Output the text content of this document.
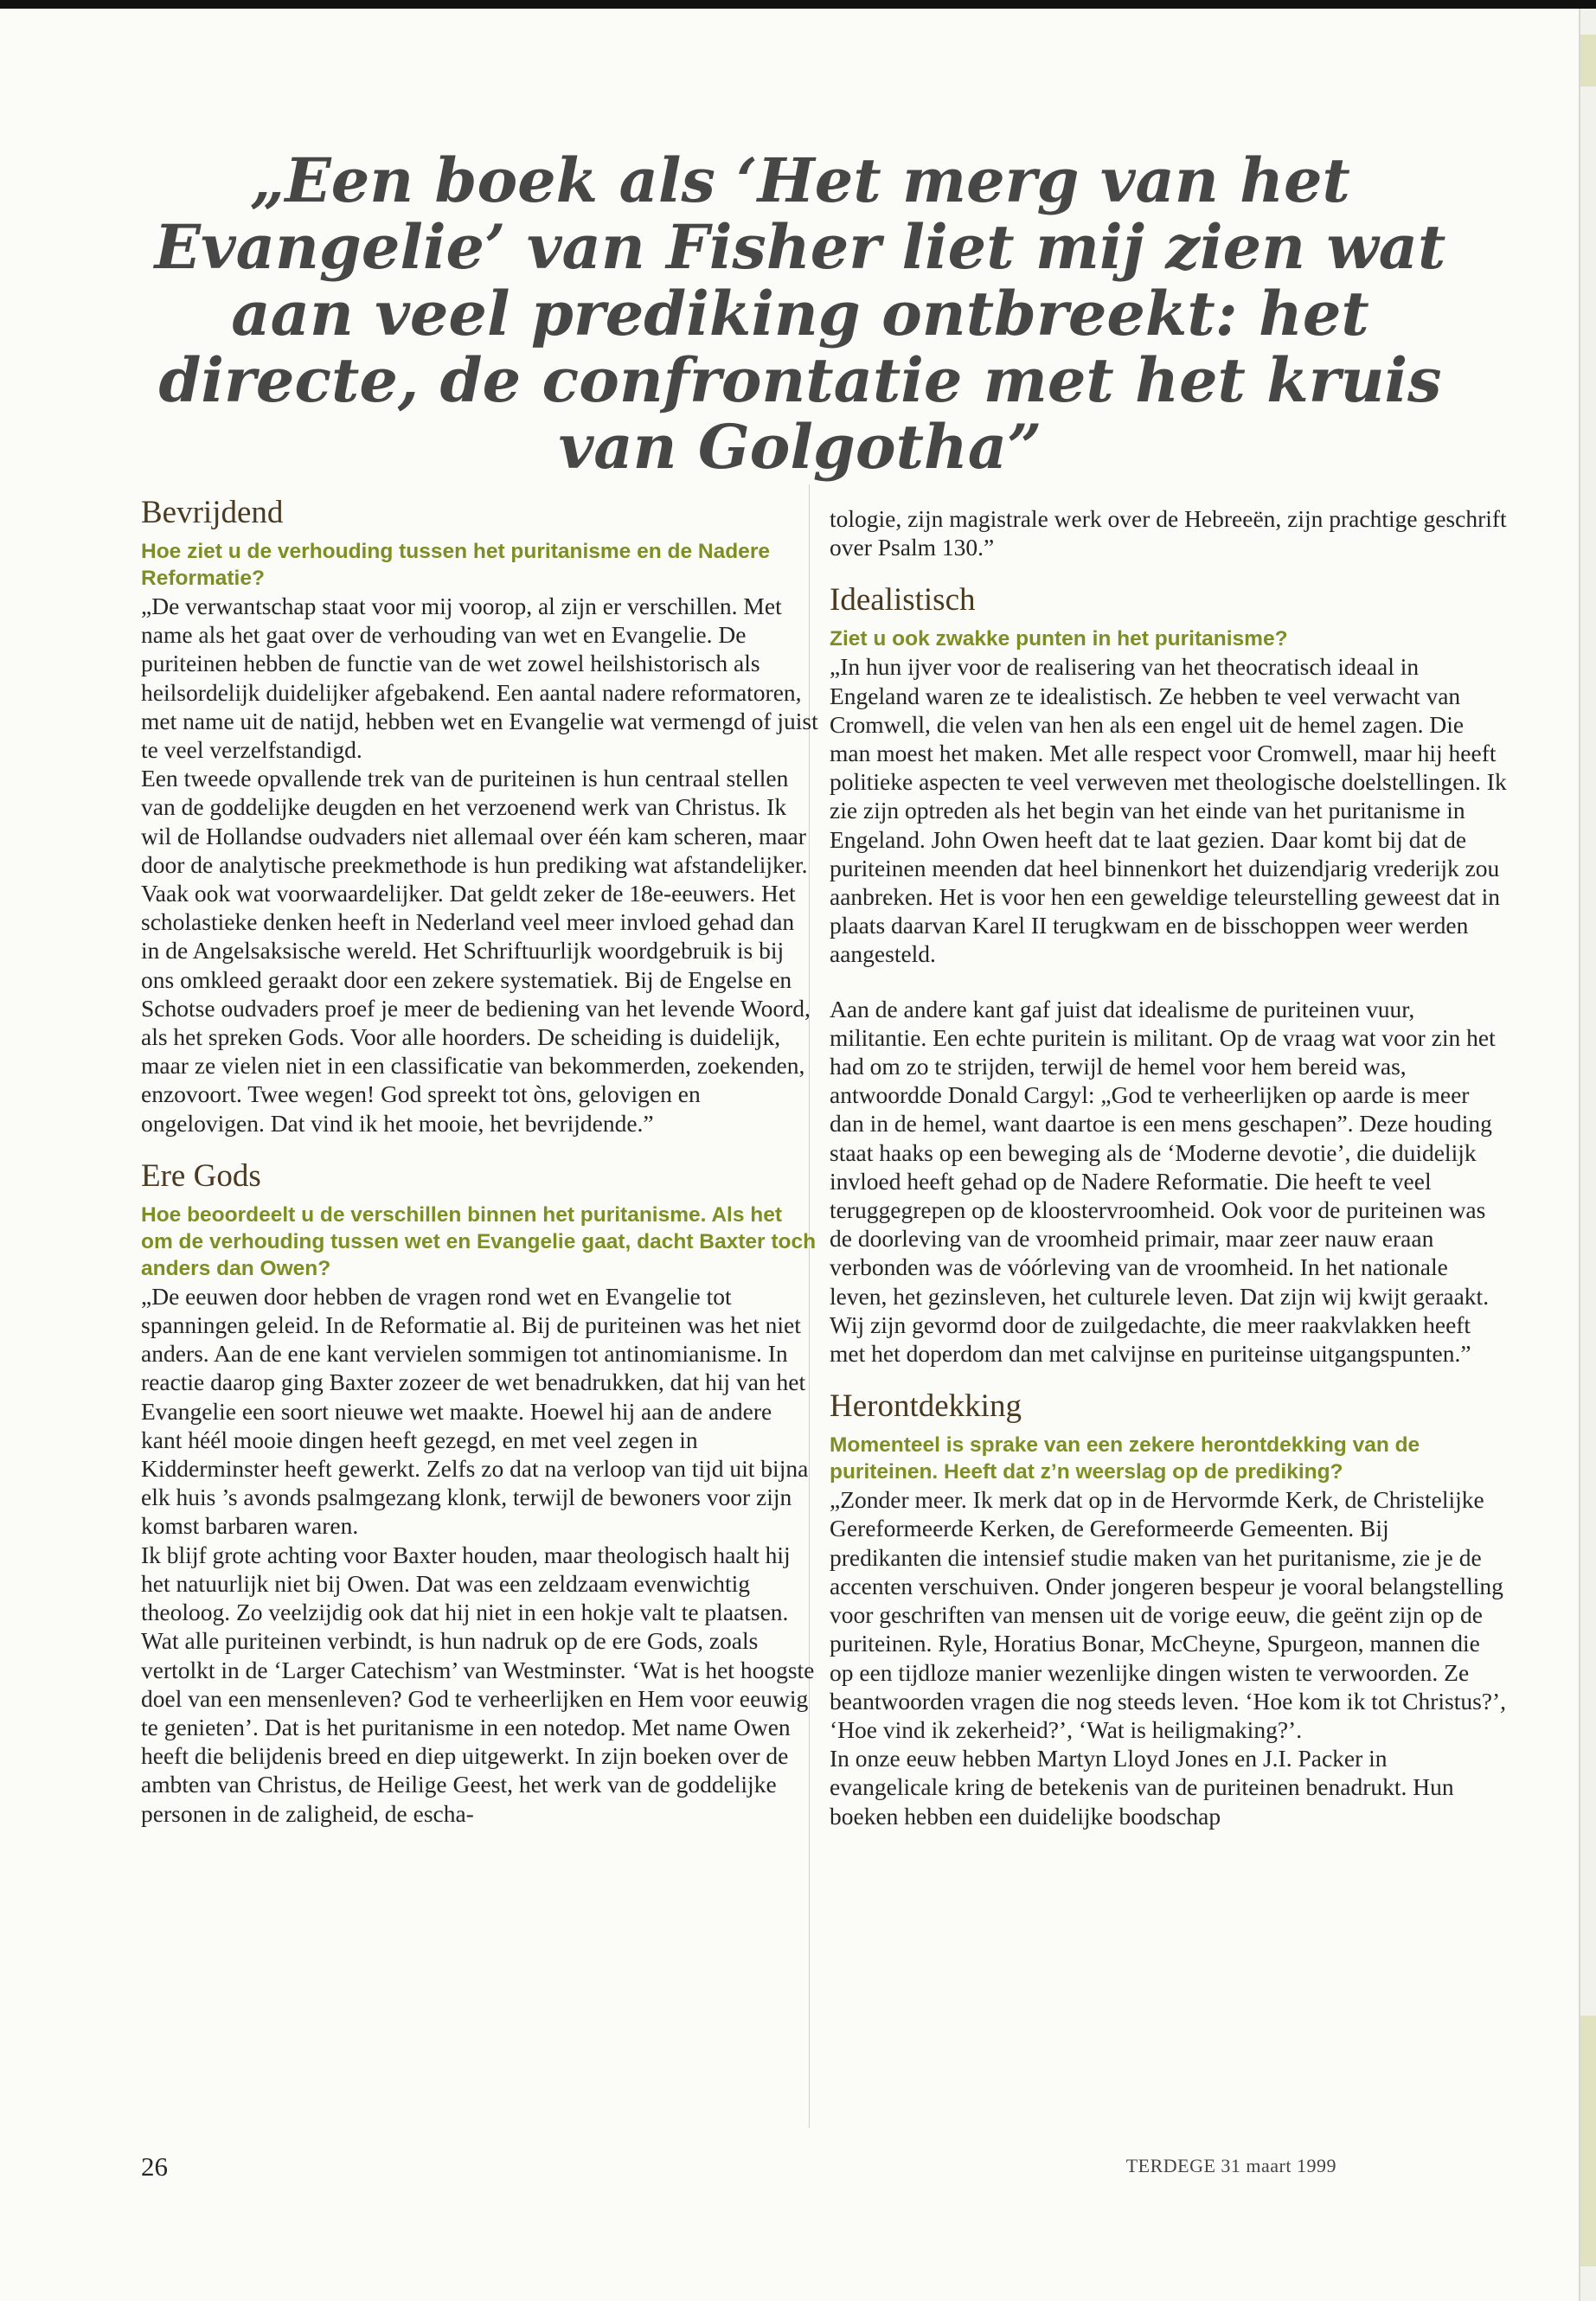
„Een boek als ‘Het merg van het Evangelie’ van Fisher liet mij zien wat aan veel prediking ontbreekt: het directe, de confrontatie met het kruis van Golgotha”
Bevrijdend

Hoe ziet u de verhouding tussen het puritanisme en de Nadere Reformatie?

„De verwantschap staat voor mij voorop, al zijn er verschillen. Met name als het gaat over de verhouding van wet en Evangelie. De puriteinen hebben de functie van de wet zowel heilshistorisch als heilsordelijk duidelijker afgebakend. Een aantal nadere reformatoren, met name uit de natijd, hebben wet en Evangelie wat vermengd of juist te veel verzelfstandigd.

Een tweede opvallende trek van de puriteinen is hun centraal stellen van de goddelijke deugden en het verzoenend werk van Christus. Ik wil de Hollandse oudvaders niet allemaal over één kam scheren, maar door de analytische preekmethode is hun prediking wat afstandelijker. Vaak ook wat voorwaardelijker. Dat geldt zeker de 18e-eeuwers. Het scholastieke denken heeft in Nederland veel meer invloed gehad dan in de Angelsaksische wereld. Het Schriftuurlijk woordgebruik is bij ons omkleed geraakt door een zekere systematiek. Bij de Engelse en Schotse oudvaders proef je meer de bediening van het levende Woord, als het spreken Gods. Voor alle hoorders. De scheiding is duidelijk, maar ze vielen niet in een classificatie van bekommerden, zoekenden, enzovoort. Twee wegen! God spreekt tot òns, gelovigen en ongelovigen. Dat vind ik het mooie, het bevrijdende.”

Ere Gods

Hoe beoordeelt u de verschillen binnen het puritanisme. Als het om de verhouding tussen wet en Evangelie gaat, dacht Baxter toch anders dan Owen?

„De eeuwen door hebben de vragen rond wet en Evangelie tot spanningen geleid. In de Reformatie al. Bij de puriteinen was het niet anders. Aan de ene kant vervielen sommigen tot antinomianisme. In reactie daarop ging Baxter zozeer de wet benadrukken, dat hij van het Evangelie een soort nieuwe wet maakte. Hoewel hij aan de andere kant héél mooie dingen heeft gezegd, en met veel zegen in Kidderminster heeft gewerkt. Zelfs zo dat na verloop van tijd uit bijna elk huis ’s avonds psalmgezang klonk, terwijl de bewoners voor zijn komst barbaren waren.

Ik blijf grote achting voor Baxter houden, maar theologisch haalt hij het natuurlijk niet bij Owen. Dat was een zeldzaam evenwichtig theoloog. Zo veelzijdig ook dat hij niet in een hokje valt te plaatsen.

Wat alle puriteinen verbindt, is hun nadruk op de ere Gods, zoals vertolkt in de ‘Larger Catechism’ van Westminster. ‘Wat is het hoogste doel van een mensenleven? God te verheerlijken en Hem voor eeuwig te genieten’. Dat is het puritanisme in een notedop. Met name Owen heeft die belijdenis breed en diep uitgewerkt. In zijn boeken over de ambten van Christus, de Heilige Geest, het werk van de goddelijke personen in de zaligheid, de escha-

tologie, zijn magistrale werk over de Hebreeën, zijn prachtige geschrift over Psalm 130.”

Idealistisch

Ziet u ook zwakke punten in het puritanisme?

„In hun ijver voor de realisering van het theocratisch ideaal in Engeland waren ze te idealistisch. Ze hebben te veel verwacht van Cromwell, die velen van hen als een engel uit de hemel zagen. Die man moest het maken. Met alle respect voor Cromwell, maar hij heeft politieke aspecten te veel verweven met theologische doelstellingen. Ik zie zijn optreden als het begin van het einde van het puritanisme in Engeland. John Owen heeft dat te laat gezien. Daar komt bij dat de puriteinen meenden dat heel binnenkort het duizendjarig vrederijk zou aanbreken. Het is voor hen een geweldige teleurstelling geweest dat in plaats daarvan Karel II terugkwam en de bisschoppen weer werden aangesteld.

Aan de andere kant gaf juist dat idealisme de puriteinen vuur, militantie. Een echte puritein is militant. Op de vraag wat voor zin het had om zo te strijden, terwijl de hemel voor hem bereid was, antwoordde Donald Cargyl: „God te verheerlijken op aarde is meer dan in de hemel, want daartoe is een mens geschapen”. Deze houding staat haaks op een beweging als de ‘Moderne devotie’, die duidelijk invloed heeft gehad op de Nadere Reformatie. Die heeft te veel teruggegrepen op de kloostervroomheid. Ook voor de puriteinen was de doorleving van de vroomheid primair, maar zeer nauw eraan verbonden was de vóórleving van de vroomheid. In het nationale leven, het gezinsleven, het culturele leven. Dat zijn wij kwijt geraakt. Wij zijn gevormd door de zuilgedachte, die meer raakvlakken heeft met het doperdom dan met calvijnse en puriteinse uitgangspunten.”

Herontdekking

Momenteel is sprake van een zekere herontdekking van de puriteinen. Heeft dat z’n weerslag op de prediking?

„Zonder meer. Ik merk dat op in de Hervormde Kerk, de Christelijke Gereformeerde Kerken, de Gereformeerde Gemeenten. Bij predikanten die intensief studie maken van het puritanisme, zie je de accenten verschuiven. Onder jongeren bespeur je vooral belangstelling voor geschriften van mensen uit de vorige eeuw, die geënt zijn op de puriteinen. Ryle, Horatius Bonar, McCheyne, Spurgeon, mannen die op een tijdloze manier wezenlijke dingen wisten te verwoorden. Ze beantwoorden vragen die nog steeds leven. ‘Hoe kom ik tot Christus?’, ‘Hoe vind ik zekerheid?’, ‘Wat is heiligmaking?’.

In onze eeuw hebben Martyn Lloyd Jones en J.I. Packer in evangelicale kring de betekenis van de puriteinen benadrukt. Hun boeken hebben een duidelijke boodschap

26	TERDEGE 31 maart 1999
